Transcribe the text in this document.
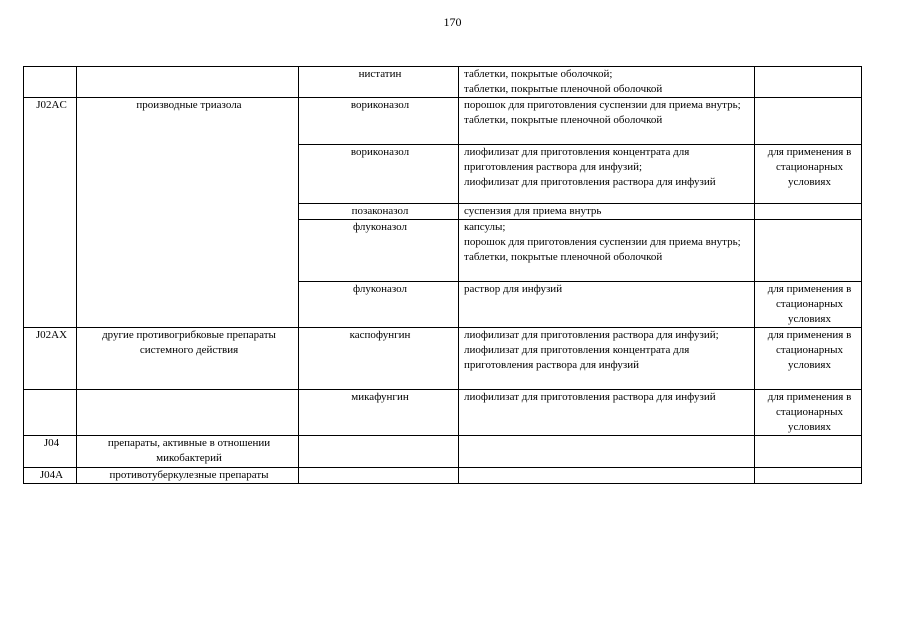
170
		нистатин	таблетки, покрытые оболочкой;
таблетки, покрытые пленочной оболочкой	

J02AC	производные триазола	вориконазол	порошок для приготовления суспензии для приема внутрь;
таблетки, покрытые пленочной оболочкой	

		вориконазол	лиофилизат для приготовления концентрата для приготовления раствора для инфузий;
лиофилизат для приготовления раствора для инфузий	для применения в стационарных условиях
		позаконазол	суспензия для приема внутрь	

		флуконазол	капсулы;
порошок для приготовления суспензии для приема внутрь;
таблетки, покрытые пленочной оболочкой	

		флуконазол	раствор для инфузий	для применения в стационарных условиях
J02AX	другие противогрибковые препараты системного действия	каспофунгин	лиофилизат для приготовления раствора для инфузий;
лиофилизат для приготовления концентрата для приготовления раствора для инфузий	для применения в стационарных условиях
		микафунгин	лиофилизат для приготовления раствора для инфузий	для применения в стационарных условиях
J04	препараты, активные в отношении микобактерий			
J04A	противотуберкулезные препараты			
